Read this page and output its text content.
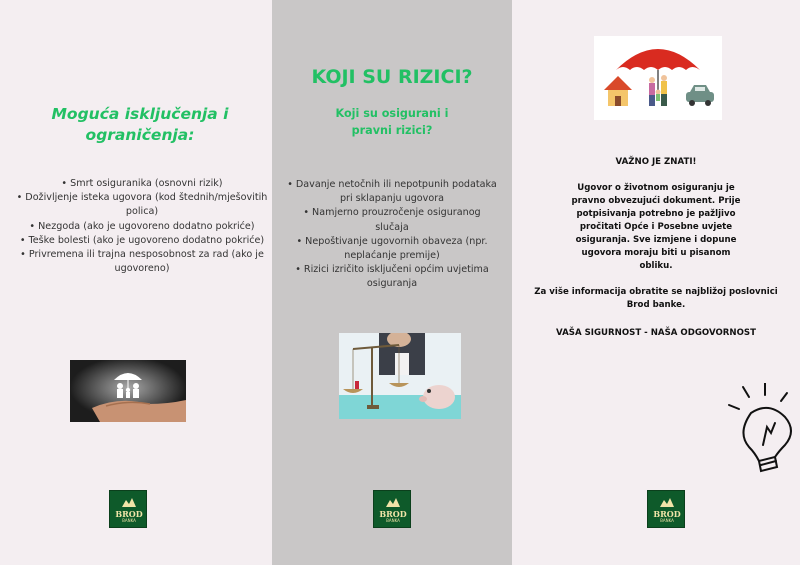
Moguća isključenja i ograničenja:
• Smrt osiguranika (osnovni rizik)
• Doživljenje isteka ugovora (kod štednih/mješovitih polica)
• Nezgoda (ako je ugovoreno dodatno pokriće)
• Teške bolesti (ako je ugovoreno dodatno pokriće)
• Privremena ili trajna nesposobnost za rad (ako je ugovoreno)
BROD
BANKA
KOJI SU RIZICI?
Koji su osigurani i pravni rizici?
• Davanje netočnih ili nepotpunih podataka pri sklapanju ugovora
• Namjerno prouzročenje osiguranog slučaja
• Nepoštivanje ugovornih obaveza (npr. neplaćanje premije)
• Rizici izričito isključeni općim uvjetima osiguranja
BROD
BANKA
VAŽNO JE ZNATI!
Ugovor o životnom osiguranju je pravno obvezujući dokument. Prije potpisivanja potrebno je pažljivo pročitati Opće i Posebne uvjete osiguranja. Sve izmjene i dopune ugovora moraju biti u pisanom obliku.
Za više informacija obratite se najbližoj poslovnici Brod banke.
VAŠA SIGURNOST - NAŠA ODGOVORNOST
BROD
BANKA
